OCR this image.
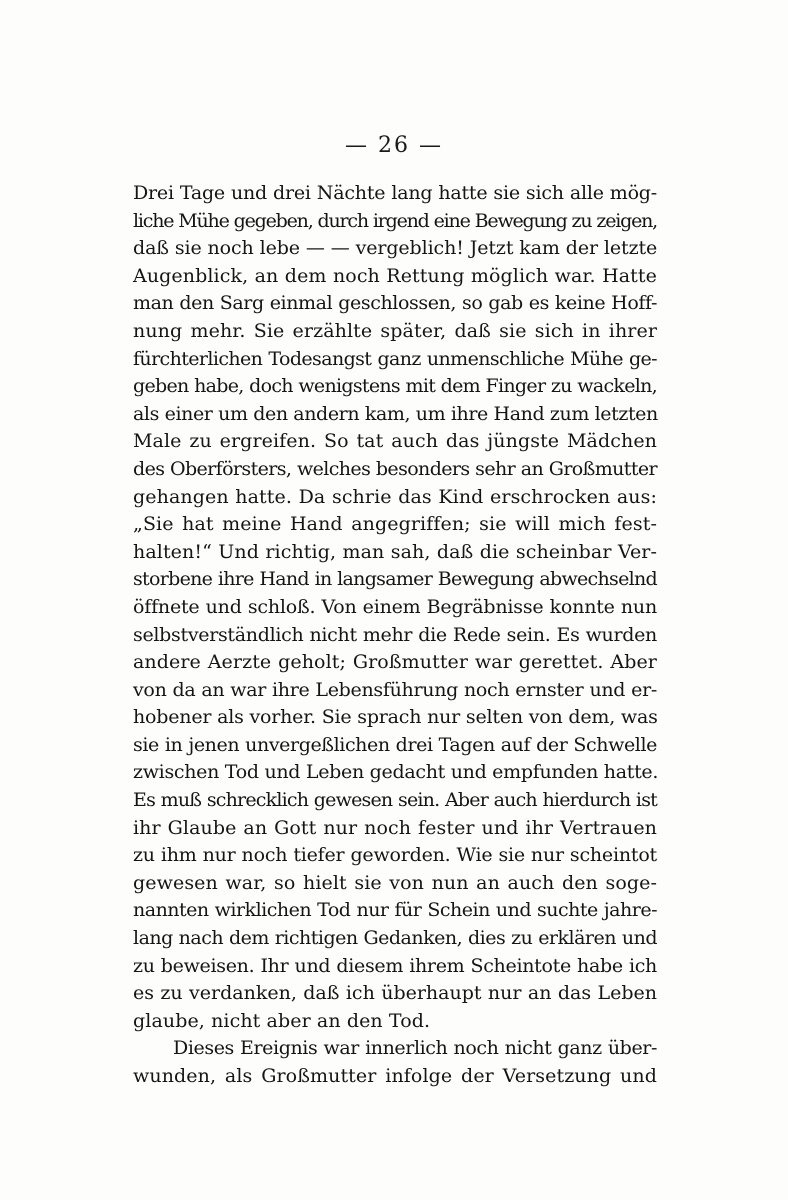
— 26 —
Drei Tage und drei Nächte lang hatte sie sich alle mög-
liche Mühe gegeben, durch irgend eine Bewegung zu zeigen,
daß sie noch lebe — — vergeblich! Jetzt kam der letzte
Augenblick, an dem noch Rettung möglich war. Hatte
man den Sarg einmal geschlossen, so gab es keine Hoff-
nung mehr. Sie erzählte später, daß sie sich in ihrer
fürchterlichen Todesangst ganz unmenschliche Mühe ge-
geben habe, doch wenigstens mit dem Finger zu wackeln,
als einer um den andern kam, um ihre Hand zum letzten
Male zu ergreifen. So tat auch das jüngste Mädchen
des Oberförsters, welches besonders sehr an Großmutter
gehangen hatte. Da schrie das Kind erschrocken aus:
„Sie hat meine Hand angegriffen; sie will mich fest-
halten!“ Und richtig, man sah, daß die scheinbar Ver-
storbene ihre Hand in langsamer Bewegung abwechselnd
öffnete und schloß. Von einem Begräbnisse konnte nun
selbstverständlich nicht mehr die Rede sein. Es wurden
andere Aerzte geholt; Großmutter war gerettet. Aber
von da an war ihre Lebensführung noch ernster und er-
hobener als vorher. Sie sprach nur selten von dem, was
sie in jenen unvergeßlichen drei Tagen auf der Schwelle
zwischen Tod und Leben gedacht und empfunden hatte.
Es muß schrecklich gewesen sein. Aber auch hierdurch ist
ihr Glaube an Gott nur noch fester und ihr Vertrauen
zu ihm nur noch tiefer geworden. Wie sie nur scheintot
gewesen war, so hielt sie von nun an auch den soge-
nannten wirklichen Tod nur für Schein und suchte jahre-
lang nach dem richtigen Gedanken, dies zu erklären und
zu beweisen. Ihr und diesem ihrem Scheintote habe ich
es zu verdanken, daß ich überhaupt nur an das Leben
glaube, nicht aber an den Tod.
Dieses Ereignis war innerlich noch nicht ganz über-
wunden, als Großmutter infolge der Versetzung und
